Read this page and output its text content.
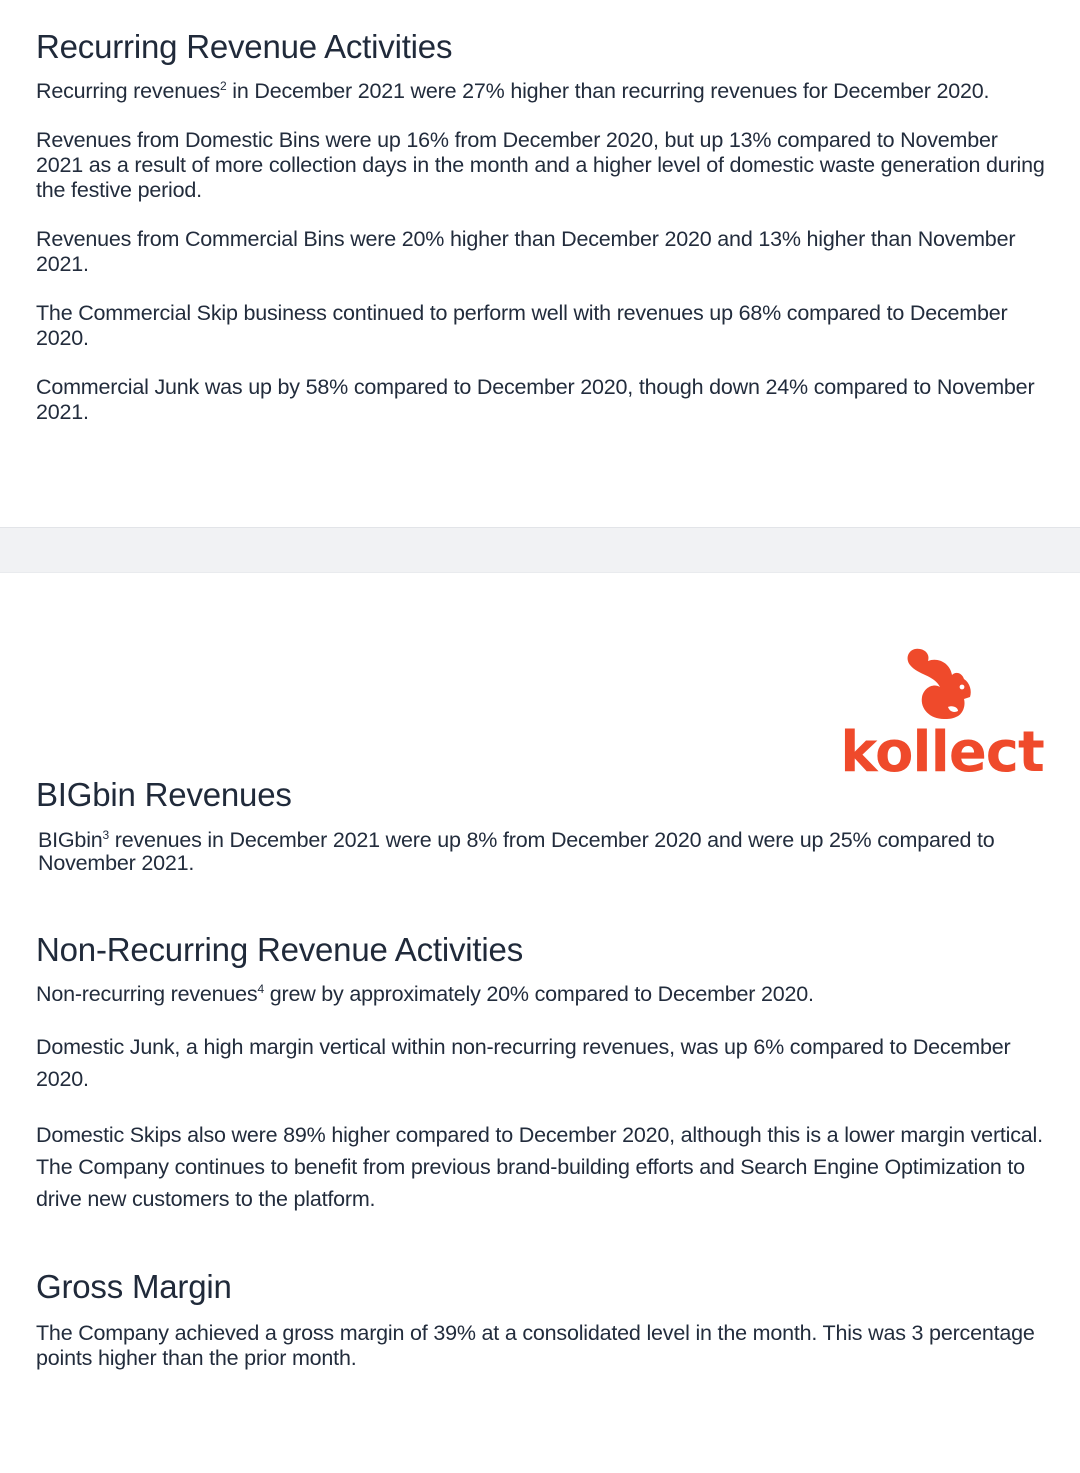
Recurring Revenue Activities

Recurring revenues$^2$ in December 2021 were 27% higher than recurring revenues for December 2020.

Revenues from Domestic Bins were up 16% from December 2020, but up 13% compared to November 2021 as a result of more collection days in the month and a higher level of domestic waste generation during the festive period.

Revenues from Commercial Bins were 20% higher than December 2020 and 13% higher than November 2021.

The Commercial Skip business continued to perform well with revenues up 68% compared to December 2020.

Commercial Junk was up by 58% compared to December 2020, though down 24% compared to November 2021.

kollect
BIGbin Revenues

BIGbin$^3$ revenues in December 2021 were up 8% from December 2020 and were up 25% compared to November 2021.

Non-Recurring Revenue Activities

Non-recurring revenues$^4$ grew by approximately 20% compared to December 2020.

Domestic Junk, a high margin vertical within non-recurring revenues, was up 6% compared to December 2020.

Domestic Skips also were 89% higher compared to December 2020, although this is a lower margin vertical. The Company continues to benefit from previous brand-building efforts and Search Engine Optimization to drive new customers to the platform.

Gross Margin

The Company achieved a gross margin of 39% at a consolidated level in the month. This was 3 percentage points higher than the prior month.
